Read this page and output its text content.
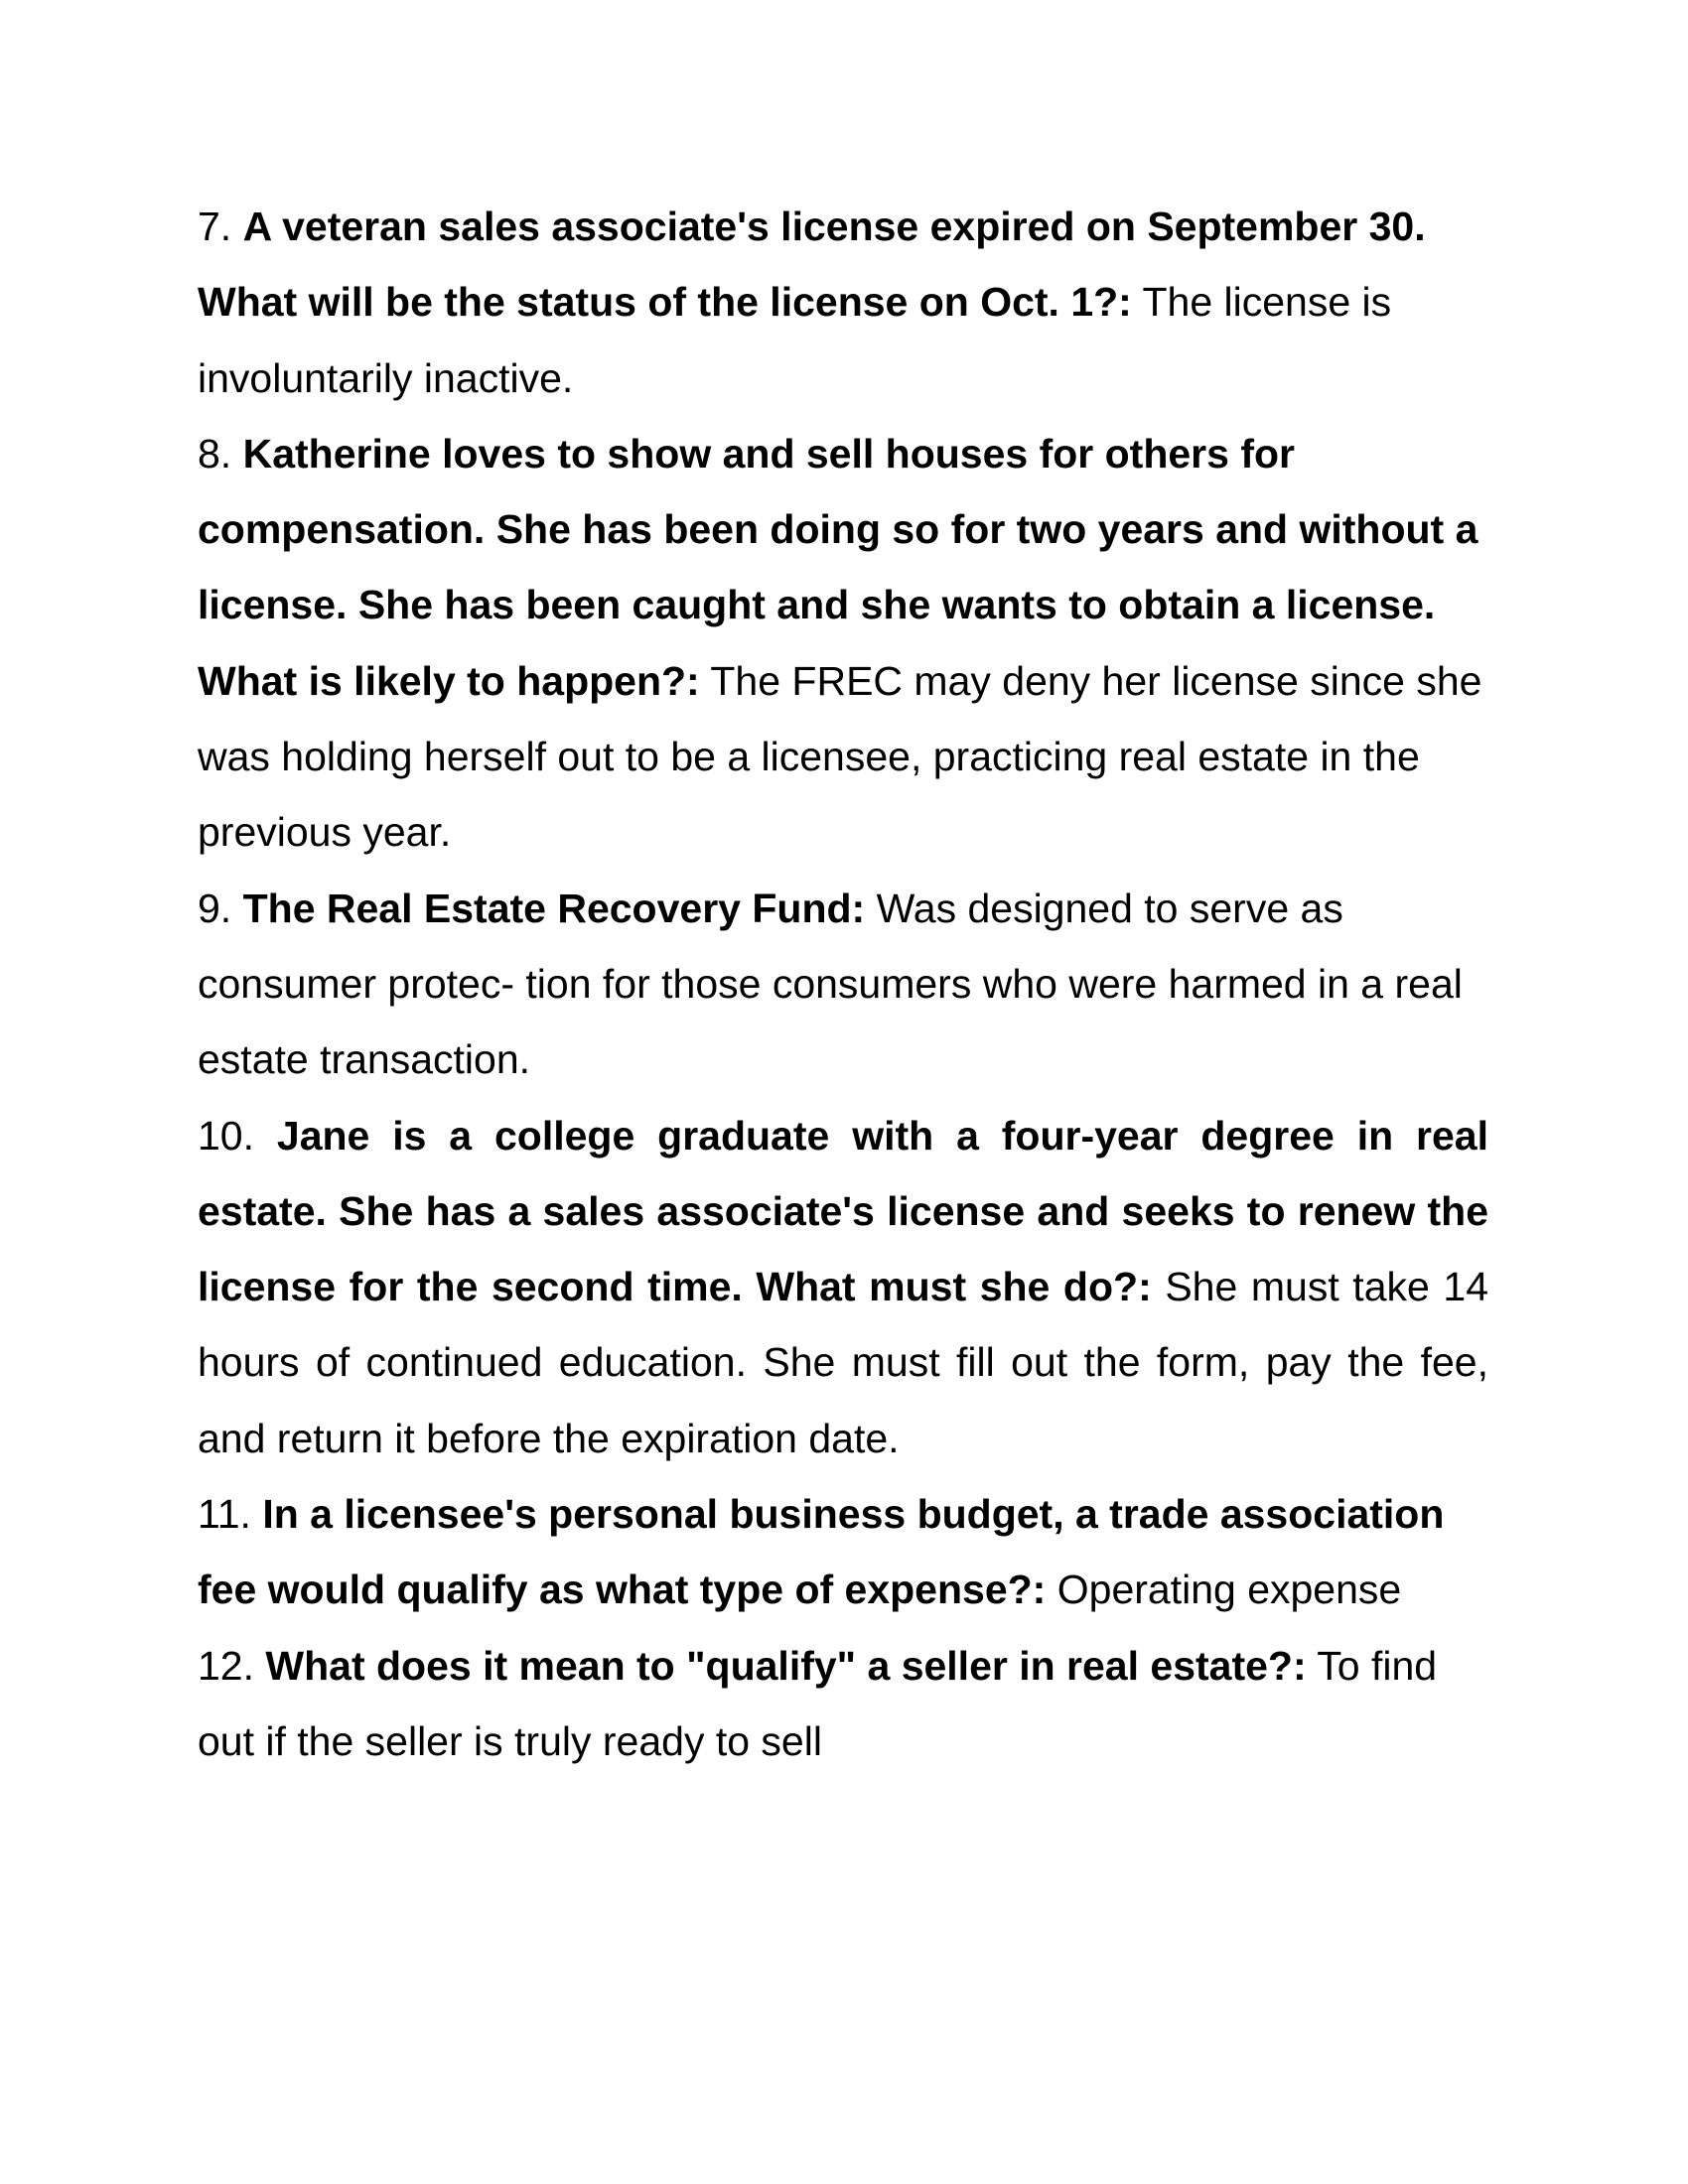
7. A veteran sales associate's license expired on September 30. What will be the status of the license on Oct. 1?: The license is involuntarily inactive.

8. Katherine loves to show and sell houses for others for compensation. She has been doing so for two years and without a license. She has been caught and she wants to obtain a license. What is likely to happen?: The FREC may deny her license since she was holding herself out to be a licensee, practicing real estate in the previous year.

9. The Real Estate Recovery Fund: Was designed to serve as consumer protec- tion for those consumers who were harmed in a real estate transaction.

10. Jane is a college graduate with a four-year degree in real estate. She has a sales associate's license and seeks to renew the license for the second time. What must she do?: She must take 14 hours of continued education. She must fill out the form, pay the fee, and return it before the expiration date.

11. In a licensee's personal business budget, a trade association fee would qualify as what type of expense?: Operating expense

12. What does it mean to "qualify" a seller in real estate?: To find out if the seller is truly ready to sell
